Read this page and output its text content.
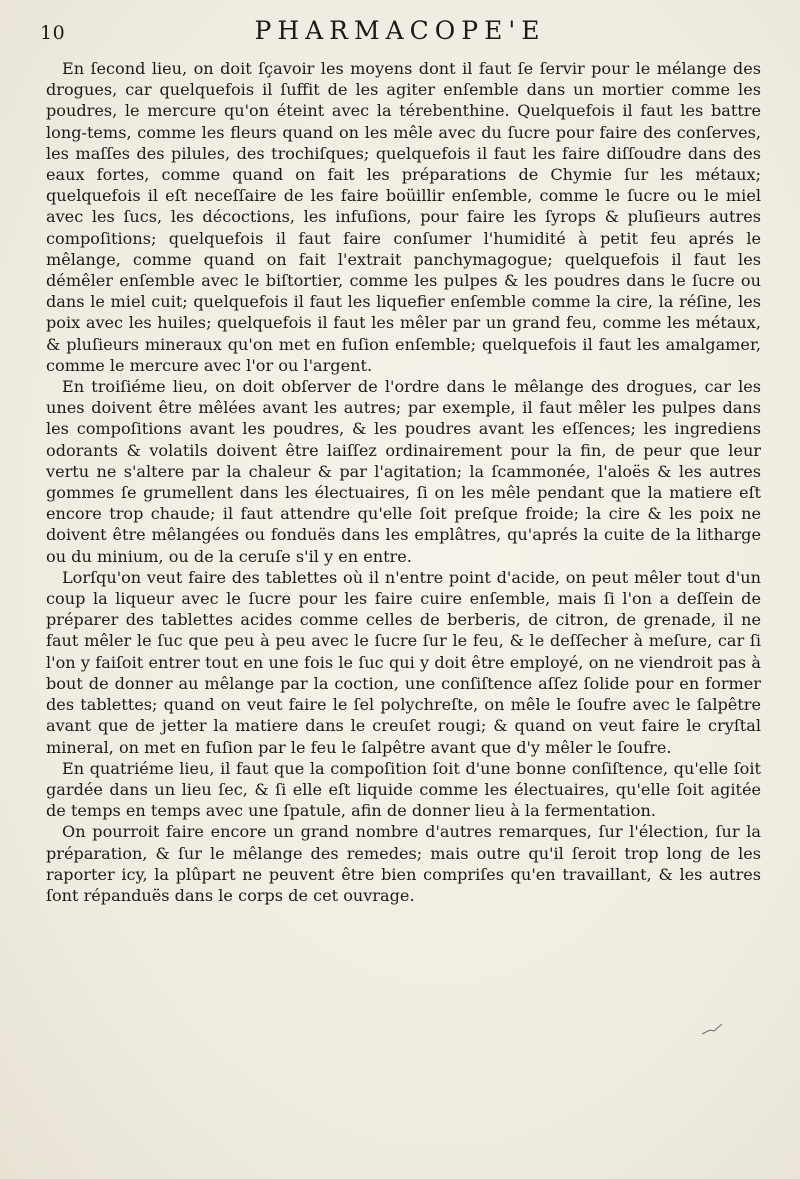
10	PHARMACOPE'E

En ſecond lieu, on doit ſçavoir les moyens dont il faut ſe ſervir pour le mélange des drogues, car quelquefois il ſuffit de les agiter enſemble dans un mortier comme les poudres, le mercure qu'on éteint avec la térebenthine. Quelquefois il faut les battre long-tems, comme les fleurs quand on les mêle avec du ſucre pour faire des conſerves, les maſſes des pilules, des trochiſques; quelquefois il faut les faire diſſoudre dans des eaux fortes, comme quand on fait les préparations de Chymie ſur les métaux; quelquefois il eſt neceſſaire de les faire boüillir enſemble, comme le ſucre ou le miel avec les ſucs, les décoctions, les infuſions, pour faire les ſyrops & pluſieurs autres compoſitions; quelquefois il faut faire conſumer l'humidité à petit feu aprés le mêlange, comme quand on fait l'extrait panchymagogue; quelquefois il faut les démêler enſemble avec le biſtortier, comme les pulpes & les poudres dans le ſucre ou dans le miel cuit; quelquefois il faut les liquefier enſemble comme la cire, la réſine, les poix avec les huiles; quelquefois il faut les mêler par un grand feu, comme les métaux, & pluſieurs mineraux qu'on met en fuſion enſemble; quelquefois il faut les amalgamer, comme le mercure avec l'or ou l'argent.

En troiſiéme lieu, on doit obſerver de l'ordre dans le mêlange des drogues, car les unes doivent être mêlées avant les autres; par exemple, il faut mêler les pulpes dans les compoſitions avant les poudres, & les poudres avant les eſſences; les ingrediens odorants & volatils doivent être laiſſez ordinairement pour la fin, de peur que leur vertu ne s'altere par la chaleur & par l'agitation; la ſcammonée, l'aloës & les autres gommes ſe grumellent dans les électuaires, ſi on les mêle pendant que la matiere eſt encore trop chaude; il faut attendre qu'elle ſoit preſque froide; la cire & les poix ne doivent être mêlangées ou fonduës dans les emplâtres, qu'aprés la cuite de la litharge ou du minium, ou de la ceruſe s'il y en entre.

Lorſqu'on veut faire des tablettes où il n'entre point d'acide, on peut mêler tout d'un coup la liqueur avec le ſucre pour les faire cuire enſemble, mais ſi l'on a deſſein de préparer des tablettes acides comme celles de berberis, de citron, de grenade, il ne faut mêler le ſuc que peu à peu avec le ſucre ſur le feu, & le deſſecher à meſure, car ſi l'on y faiſoit entrer tout en une fois le ſuc qui y doit être employé, on ne viendroit pas à bout de donner au mêlange par la coction, une conſiſtence aſſez ſolide pour en former des tablettes; quand on veut faire le ſel polychreſte, on mêle le ſoufre avec le ſalpêtre avant que de jetter la matiere dans le creuſet rougi; & quand on veut faire le cryſtal mineral, on met en fuſion par le feu le ſalpêtre avant que d'y mêler le ſoufre.

En quatriéme lieu, il faut que la compoſition ſoit d'une bonne conſiſtence, qu'elle ſoit gardée dans un lieu ſec, & ſi elle eſt liquide comme les électuaires, qu'elle ſoit agitée de temps en temps avec une ſpatule, afin de donner lieu à la fermentation.

On pourroit faire encore un grand nombre d'autres remarques, ſur l'élection, ſur la préparation, & ſur le mêlange des remedes; mais outre qu'il ſeroit trop long de les raporter icy, la plûpart ne peuvent être bien compriſes qu'en travaillant, & les autres ſont répanduës dans le corps de cet ouvrage.
